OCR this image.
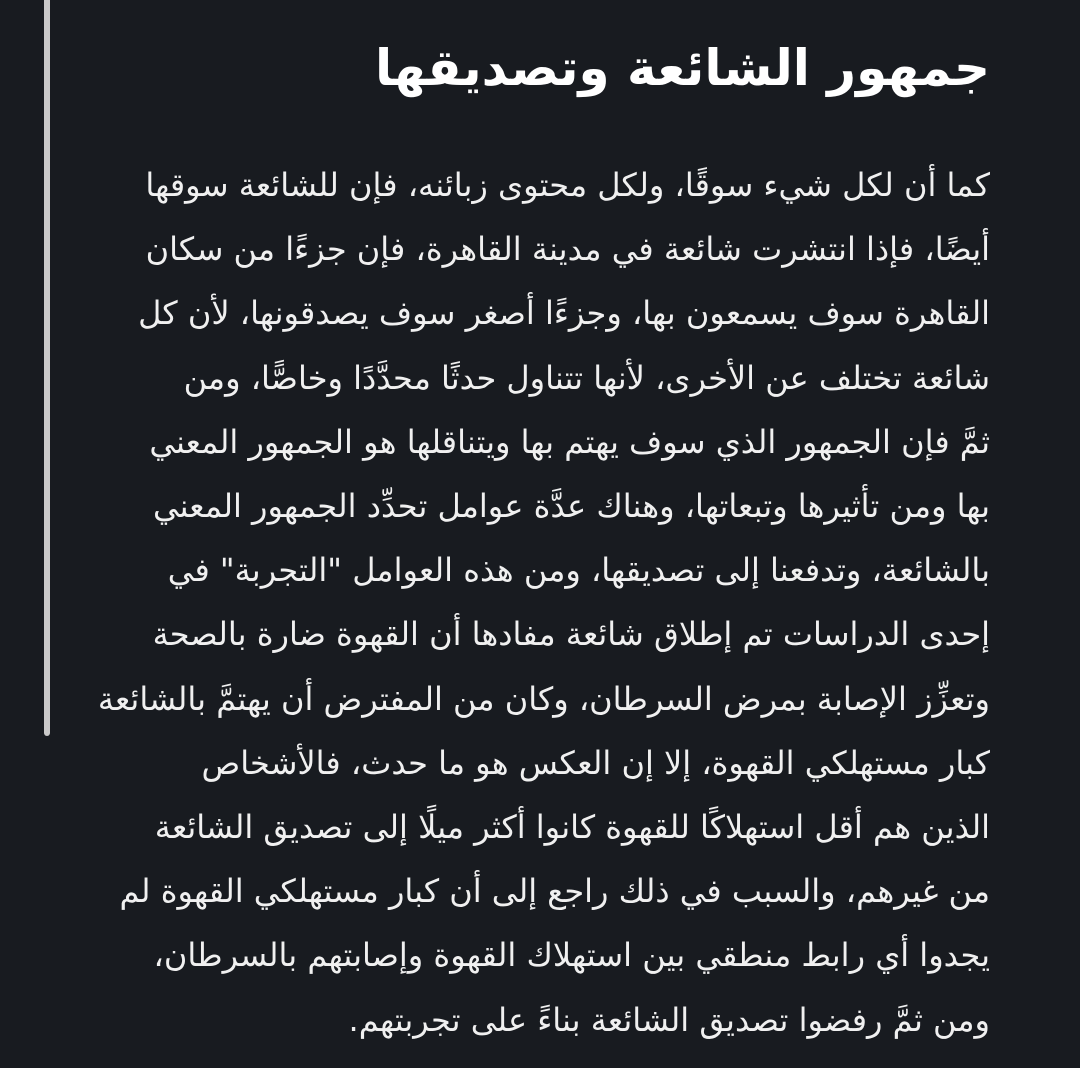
جمهور الشائعة وتصديقها
كما أن لكل شيء سوقًا، ولكل محتوى زبائنه، فإن للشائعة سوقها
أيضًا، فإذا انتشرت شائعة في مدينة القاهرة، فإن جزءًا من سكان
القاهرة سوف يسمعون بها، وجزءًا أصغر سوف يصدقونها، لأن كل
شائعة تختلف عن الأخرى، لأنها تتناول حدثًا محدَّدًا وخاصًّا، ومن
ثمَّ فإن الجمهور الذي سوف يهتم بها ويتناقلها هو الجمهور المعني
بها ومن تأثيرها وتبعاتها، وهناك عدَّة عوامل تحدِّد الجمهور المعني
بالشائعة، وتدفعنا إلى تصديقها، ومن هذه العوامل "التجربة" في
إحدى الدراسات تم إطلاق شائعة مفادها أن القهوة ضارة بالصحة
وتعزِّز الإصابة بمرض السرطان، وكان من المفترض أن يهتمَّ بالشائعة
كبار مستهلكي القهوة، إلا إن العكس هو ما حدث، فالأشخاص
الذين هم أقل استهلاكًا للقهوة كانوا أكثر ميلًا إلى تصديق الشائعة
من غيرهم، والسبب في ذلك راجع إلى أن كبار مستهلكي القهوة لم
يجدوا أي رابط منطقي بين استهلاك القهوة وإصابتهم بالسرطان،
ومن ثمَّ رفضوا تصديق الشائعة بناءً على تجربتهم.
